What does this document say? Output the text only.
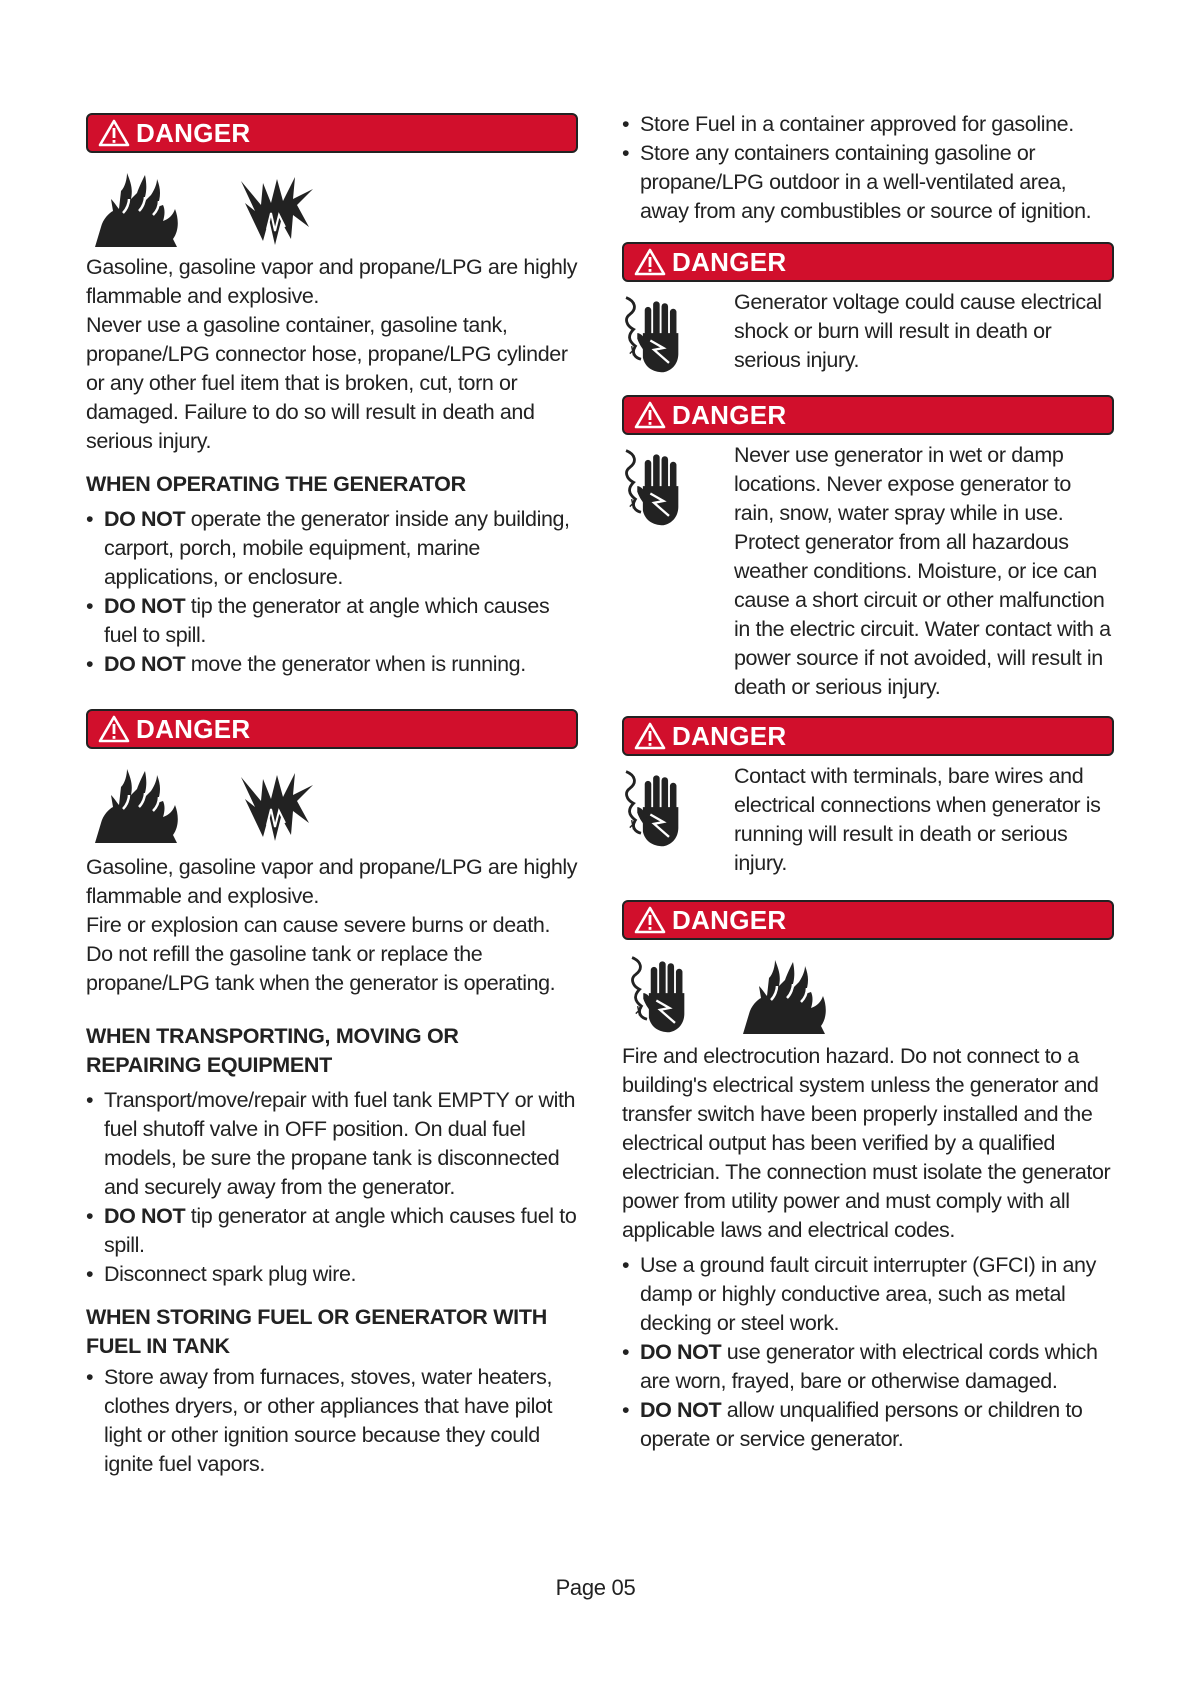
DANGER

Gasoline, gasoline vapor and propane/LPG are highly flammable and explosive.

Never use a gasoline container, gasoline tank, propane/LPG connector hose, propane/LPG cylinder or any other fuel item that is broken, cut, torn or damaged. Failure to do so will result in death and serious injury.

WHEN OPERATING THE GENERATOR

• DO NOT operate the generator inside any building, carport, porch, mobile equipment, marine applications, or enclosure.
• DO NOT tip the generator at angle which causes fuel to spill.
• DO NOT move the generator when is running.
DANGER

Gasoline, gasoline vapor and propane/LPG are highly flammable and explosive.

Fire or explosion can cause severe burns or death. Do not refill the gasoline tank or replace the propane/LPG tank when the generator is operating.

WHEN TRANSPORTING, MOVING OR REPAIRING EQUIPMENT

• Transport/move/repair with fuel tank EMPTY or with fuel shutoff valve in OFF position. On dual fuel models, be sure the propane tank is disconnected and securely away from the generator.
• DO NOT tip generator at angle which causes fuel to spill.
• Disconnect spark plug wire.

WHEN STORING FUEL OR GENERATOR WITH FUEL IN TANK

• Store away from furnaces, stoves, water heaters, clothes dryers, or other appliances that have pilot light or other ignition source because they could ignite fuel vapors.
• Store Fuel in a container approved for gasoline.
• Store any containers containing gasoline or propane/LPG outdoor in a well-ventilated area, away from any combustibles or source of ignition.
DANGER

Generator voltage could cause electrical shock or burn will result in death or serious injury.

DANGER

Never use generator in wet or damp locations. Never expose generator to rain, snow, water spray while in use. Protect generator from all hazardous weather conditions. Moisture, or ice can cause a short circuit or other malfunction in the electric circuit. Water contact with a power source if not avoided, will result in death or serious injury.

DANGER

Contact with terminals, bare wires and electrical connections when generator is running will result in death or serious injury.

DANGER

Fire and electrocution hazard. Do not connect to a building's electrical system unless the generator and transfer switch have been properly installed and the electrical output has been verified by a qualified electrician. The connection must isolate the generator power from utility power and must comply with all applicable laws and electrical codes.

• Use a ground fault circuit interrupter (GFCI) in any damp or highly conductive area, such as metal decking or steel work.
• DO NOT use generator with electrical cords which are worn, frayed, bare or otherwise damaged.
• DO NOT allow unqualified persons or children to operate or service generator.
Page 05
